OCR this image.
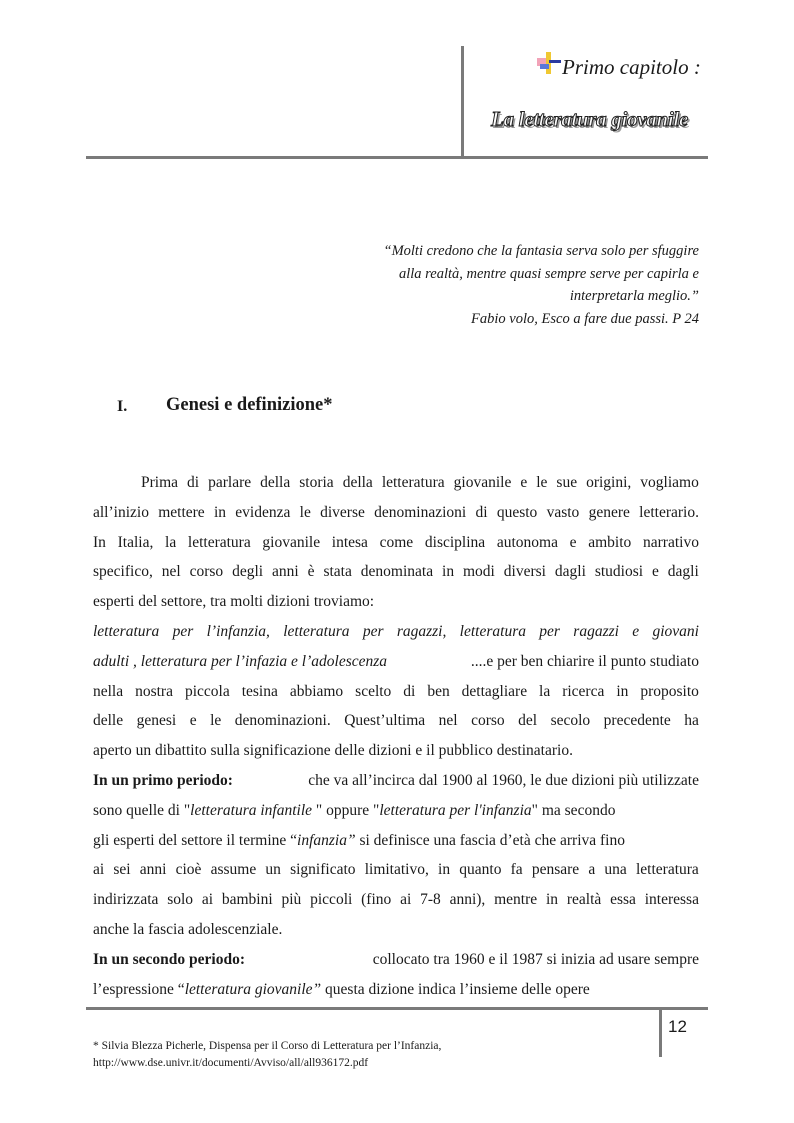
Primo capitolo :
La letteratura giovanile
“Molti credono che la fantasia serva solo per sfuggire
alla realtà, mentre quasi sempre serve per capirla e
interpretarla meglio.”
Fabio volo, Esco a fare due passi. P 24
I. Genesi e definizione*
Prima di parlare della storia della letteratura giovanile e le sue origini, vogliamo
all’inizio mettere in evidenza le diverse denominazioni di questo vasto genere letterario.
In Italia, la letteratura giovanile intesa come disciplina autonoma e ambito narrativo
specifico, nel corso degli anni è stata denominata in modi diversi dagli studiosi e dagli
esperti del settore, tra molti dizioni troviamo:
letteratura per l’infanzia, letteratura per ragazzi, letteratura per ragazzi e giovani
adulti , letteratura per l’infazia e l’adolescenza	....e per ben chiarire il punto studiato
nella nostra piccola tesina abbiamo scelto di ben dettagliare la ricerca in proposito
delle genesi e le denominazioni. Quest’ultima nel corso del secolo precedente ha
aperto un dibattito sulla significazione delle dizioni e il pubblico destinatario.
In un primo periodo:	che va all’incirca dal 1900 al 1960, le due dizioni più utilizzate
sono quelle di "letteratura infantile " oppure "letteratura per l'infanzia" ma secondo
gli esperti del settore il termine “infanzia” si definisce una fascia d’età che arriva fino
ai sei anni cioè assume un significato limitativo, in quanto fa pensare a una letteratura
indirizzata solo ai bambini più piccoli (fino ai 7-8 anni), mentre in realtà essa interessa
anche la fascia adolescenziale.
In un secondo periodo:	collocato tra 1960 e il 1987 si inizia ad usare sempre
l’espressione “letteratura giovanile” questa dizione indica l’insieme delle opere
12
* Silvia Blezza Picherle, Dispensa per il Corso di Letteratura per l’Infanzia,
http://www.dse.univr.it/documenti/Avviso/all/all936172.pdf
